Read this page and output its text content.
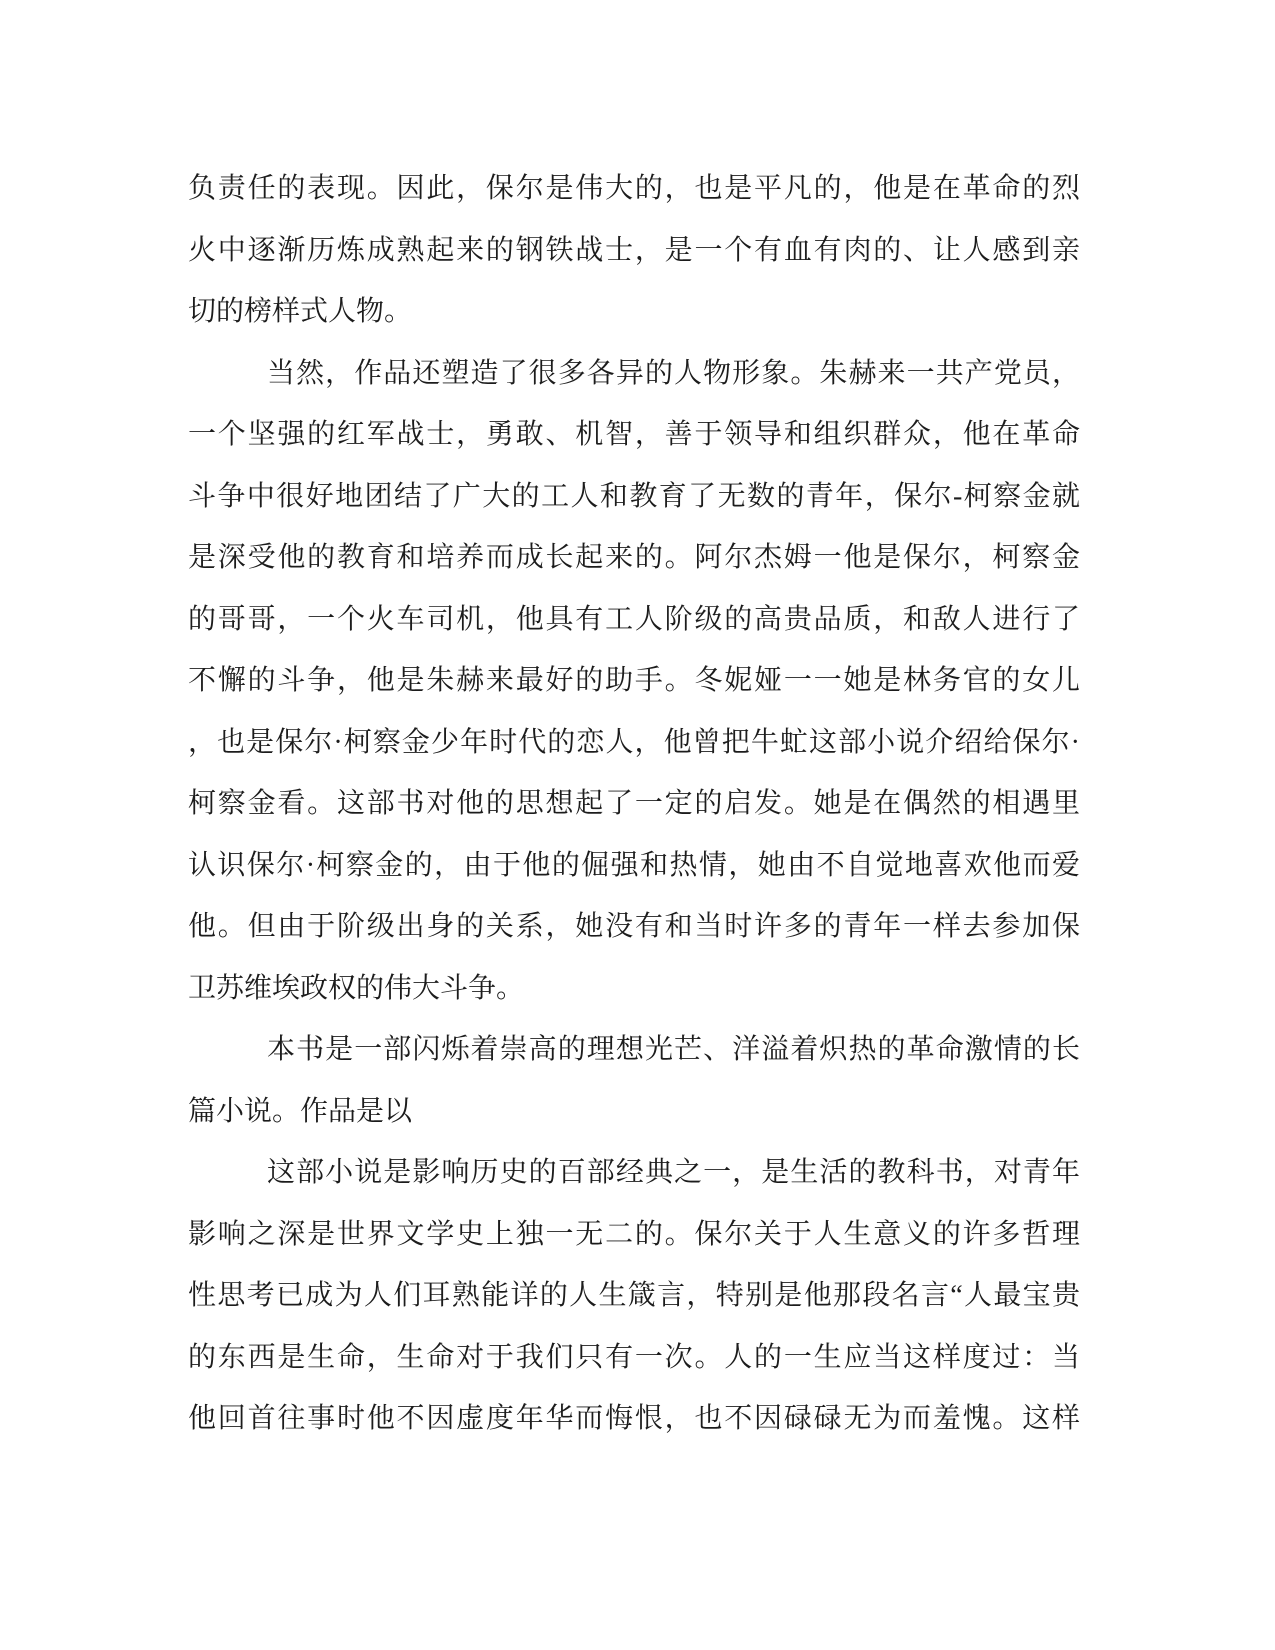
负责任的表现。因此，保尔是伟大的，也是平凡的，他是在革命的烈
火中逐渐历炼成熟起来的钢铁战士，是一个有血有肉的、让人感到亲
切的榜样式人物。
当然，作品还塑造了很多各异的人物形象。朱赫来一共产党员，
一个坚强的红军战士，勇敢、机智，善于领导和组织群众，他在革命
斗争中很好地团结了广大的工人和教育了无数的青年，保尔-柯察金就
是深受他的教育和培养而成长起来的。阿尔杰姆一他是保尔，柯察金
的哥哥，一个火车司机，他具有工人阶级的高贵品质，和敌人进行了
不懈的斗争，他是朱赫来最好的助手。冬妮娅一一她是林务官的女儿
，也是保尔·柯察金少年时代的恋人，他曾把牛虻这部小说介绍给保尔·
柯察金看。这部书对他的思想起了一定的启发。她是在偶然的相遇里
认识保尔·柯察金的，由于他的倔强和热情，她由不自觉地喜欢他而爱
他。但由于阶级出身的关系，她没有和当时许多的青年一样去参加保
卫苏维埃政权的伟大斗争。
本书是一部闪烁着崇高的理想光芒、洋溢着炽热的革命激情的长
篇小说。作品是以
这部小说是影响历史的百部经典之一，是生活的教科书，对青年
影响之深是世界文学史上独一无二的。保尔关于人生意义的许多哲理
性思考已成为人们耳熟能详的人生箴言，特别是他那段名言“人最宝贵
的东西是生命，生命对于我们只有一次。人的一生应当这样度过：当
他回首往事时他不因虚度年华而悔恨，也不因碌碌无为而羞愧。这样
